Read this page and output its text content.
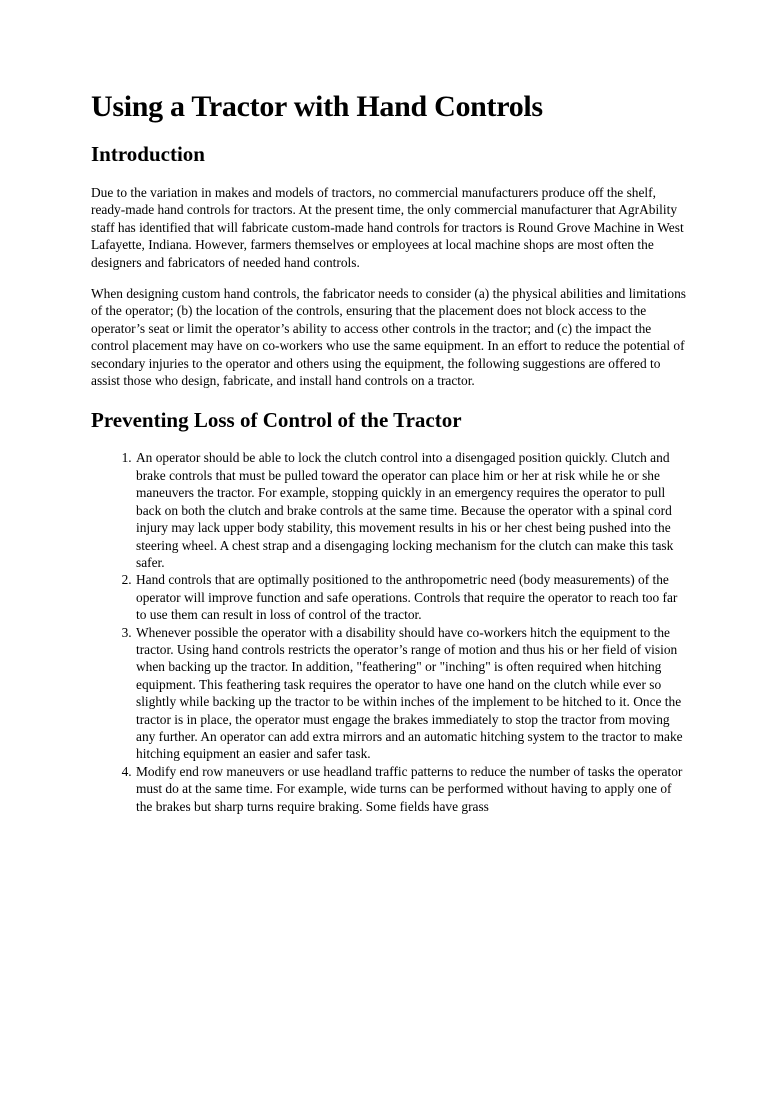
Using a Tractor with Hand Controls
Introduction

Due to the variation in makes and models of tractors, no commercial manufacturers produce off the shelf, ready-made hand controls for tractors. At the present time, the only commercial manufacturer that AgrAbility staff has identified that will fabricate custom-made hand controls for tractors is Round Grove Machine in West Lafayette, Indiana. However, farmers themselves or employees at local machine shops are most often the designers and fabricators of needed hand controls.

When designing custom hand controls, the fabricator needs to consider (a) the physical abilities and limitations of the operator; (b) the location of the controls, ensuring that the placement does not block access to the operator’s seat or limit the operator’s ability to access other controls in the tractor; and (c) the impact the control placement may have on co-workers who use the same equipment. In an effort to reduce the potential of secondary injuries to the operator and others using the equipment, the following suggestions are offered to assist those who design, fabricate, and install hand controls on a tractor.

Preventing Loss of Control of the Tractor
1. An operator should be able to lock the clutch control into a disengaged position quickly. Clutch and brake controls that must be pulled toward the operator can place him or her at risk while he or she maneuvers the tractor. For example, stopping quickly in an emergency requires the operator to pull back on both the clutch and brake controls at the same time. Because the operator with a spinal cord injury may lack upper body stability, this movement results in his or her chest being pushed into the steering wheel. A chest strap and a disengaging locking mechanism for the clutch can make this task safer.
2. Hand controls that are optimally positioned to the anthropometric need (body measurements) of the operator will improve function and safe operations. Controls that require the operator to reach too far to use them can result in loss of control of the tractor.
3. Whenever possible the operator with a disability should have co-workers hitch the equipment to the tractor. Using hand controls restricts the operator’s range of motion and thus his or her field of vision when backing up the tractor. In addition, "feathering" or "inching" is often required when hitching equipment. This feathering task requires the operator to have one hand on the clutch while ever so slightly while backing up the tractor to be within inches of the implement to be hitched to it. Once the tractor is in place, the operator must engage the brakes immediately to stop the tractor from moving any further. An operator can add extra mirrors and an automatic hitching system to the tractor to make hitching equipment an easier and safer task.
4. Modify end row maneuvers or use headland traffic patterns to reduce the number of tasks the operator must do at the same time. For example, wide turns can be performed without having to apply one of the brakes but sharp turns require braking. Some fields have grass
